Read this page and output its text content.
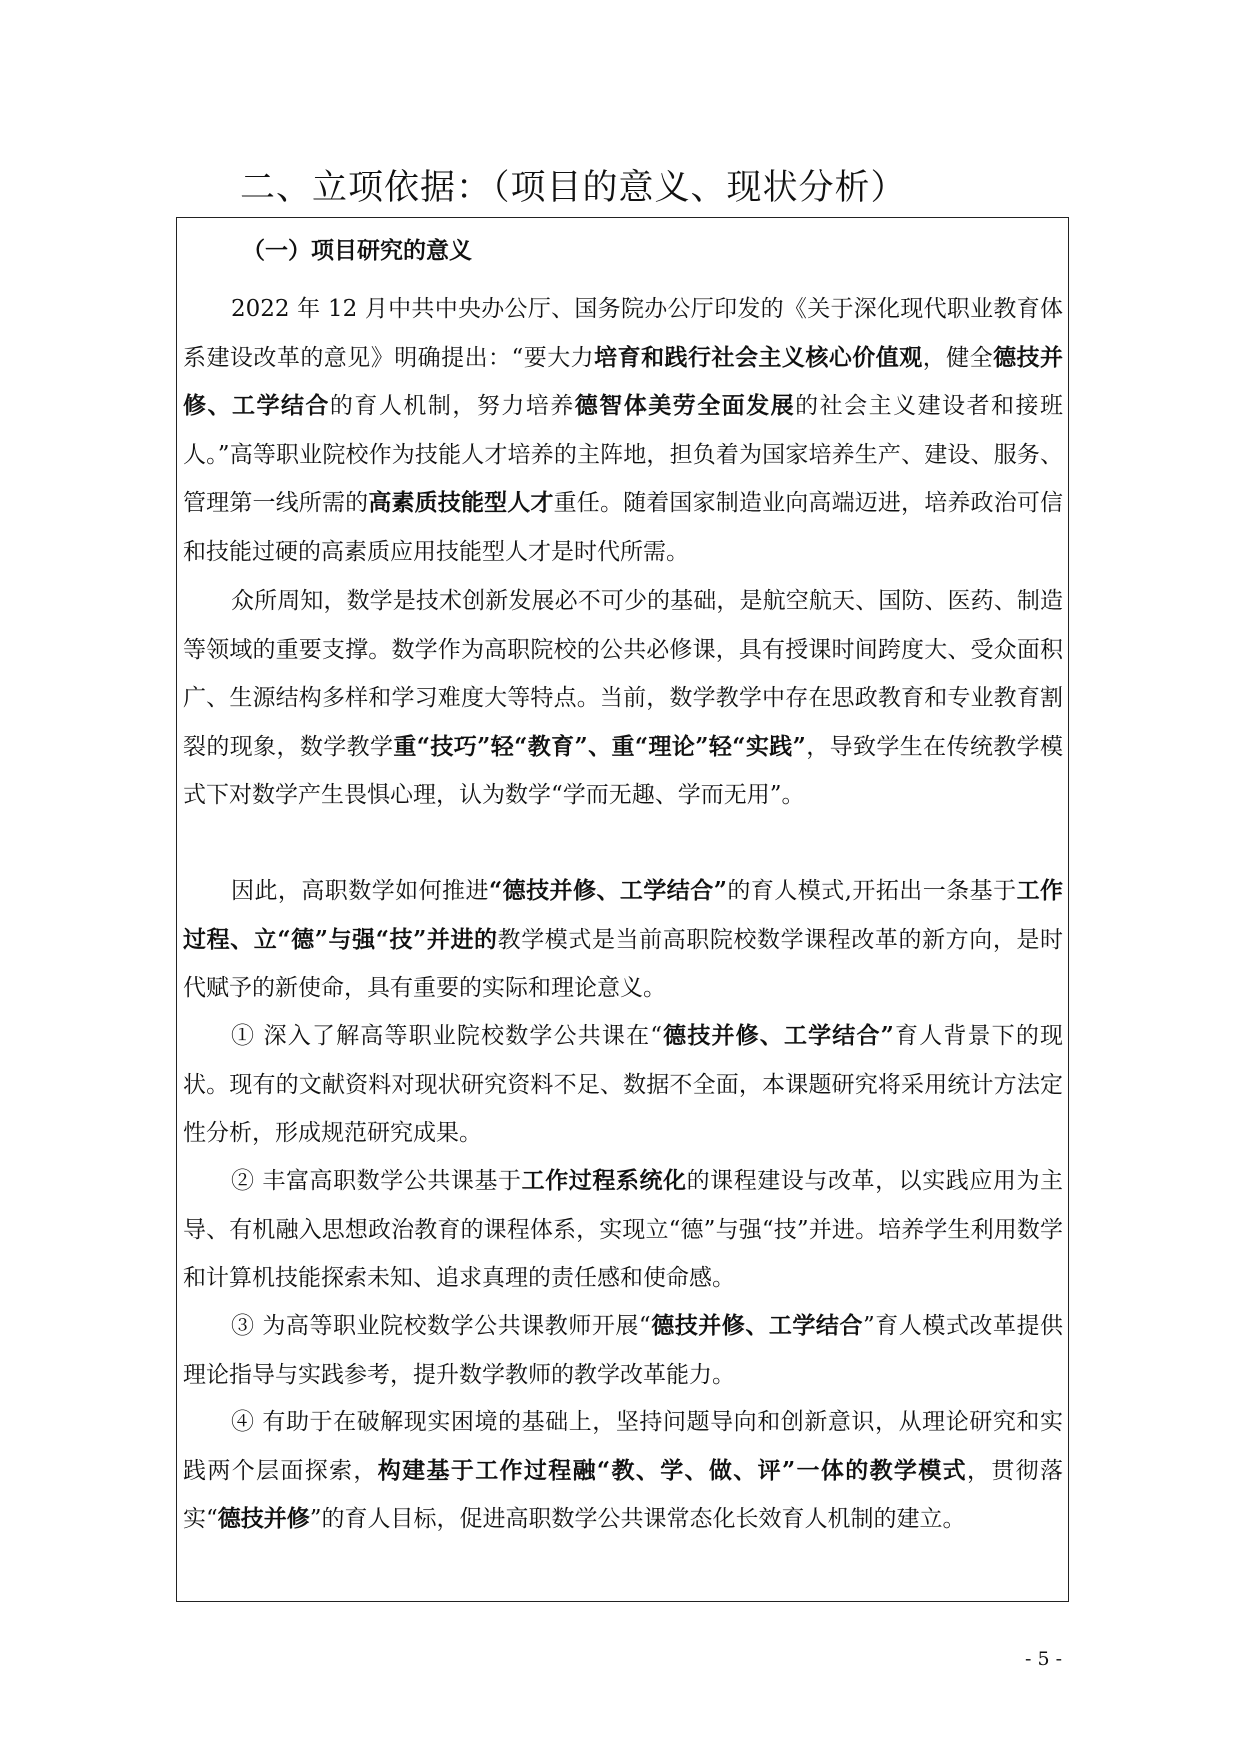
二、立项依据：（项目的意义、现状分析）
（一）项目研究的意义

2022 年 12 月中共中央办公厅、国务院办公厅印发的《关于深化现代职业教育体系建设改革的意见》明确提出：“要大力培育和践行社会主义核心价值观，健全德技并修、工学结合的育人机制，努力培养德智体美劳全面发展的社会主义建设者和接班人。”高等职业院校作为技能人才培养的主阵地，担负着为国家培养生产、建设、服务、管理第一线所需的高素质技能型人才重任。随着国家制造业向高端迈进，培养政治可信和技能过硬的高素质应用技能型人才是时代所需。

众所周知，数学是技术创新发展必不可少的基础，是航空航天、国防、医药、制造等领域的重要支撑。数学作为高职院校的公共必修课，具有授课时间跨度大、受众面积广、生源结构多样和学习难度大等特点。当前，数学教学中存在思政教育和专业教育割裂的现象，数学教学重“技巧”轻“教育”、重“理论”轻“实践”，导致学生在传统教学模式下对数学产生畏惧心理，认为数学“学而无趣、学而无用”。

因此，高职数学如何推进“德技并修、工学结合”的育人模式,开拓出一条基于工作过程、立“德”与强“技”并进的教学模式是当前高职院校数学课程改革的新方向，是时代赋予的新使命，具有重要的实际和理论意义。

① 深入了解高等职业院校数学公共课在“德技并修、工学结合”育人背景下的现状。现有的文献资料对现状研究资料不足、数据不全面，本课题研究将采用统计方法定性分析，形成规范研究成果。

② 丰富高职数学公共课基于工作过程系统化的课程建设与改革，以实践应用为主导、有机融入思想政治教育的课程体系，实现立“德”与强“技”并进。培养学生利用数学和计算机技能探索未知、追求真理的责任感和使命感。

③ 为高等职业院校数学公共课教师开展“德技并修、工学结合”育人模式改革提供理论指导与实践参考，提升数学教师的教学改革能力。

④ 有助于在破解现实困境的基础上，坚持问题导向和创新意识，从理论研究和实践两个层面探索，构建基于工作过程融“教、学、做、评”一体的教学模式，贯彻落实“德技并修”的育人目标，促进高职数学公共课常态化长效育人机制的建立。

- 5 -
